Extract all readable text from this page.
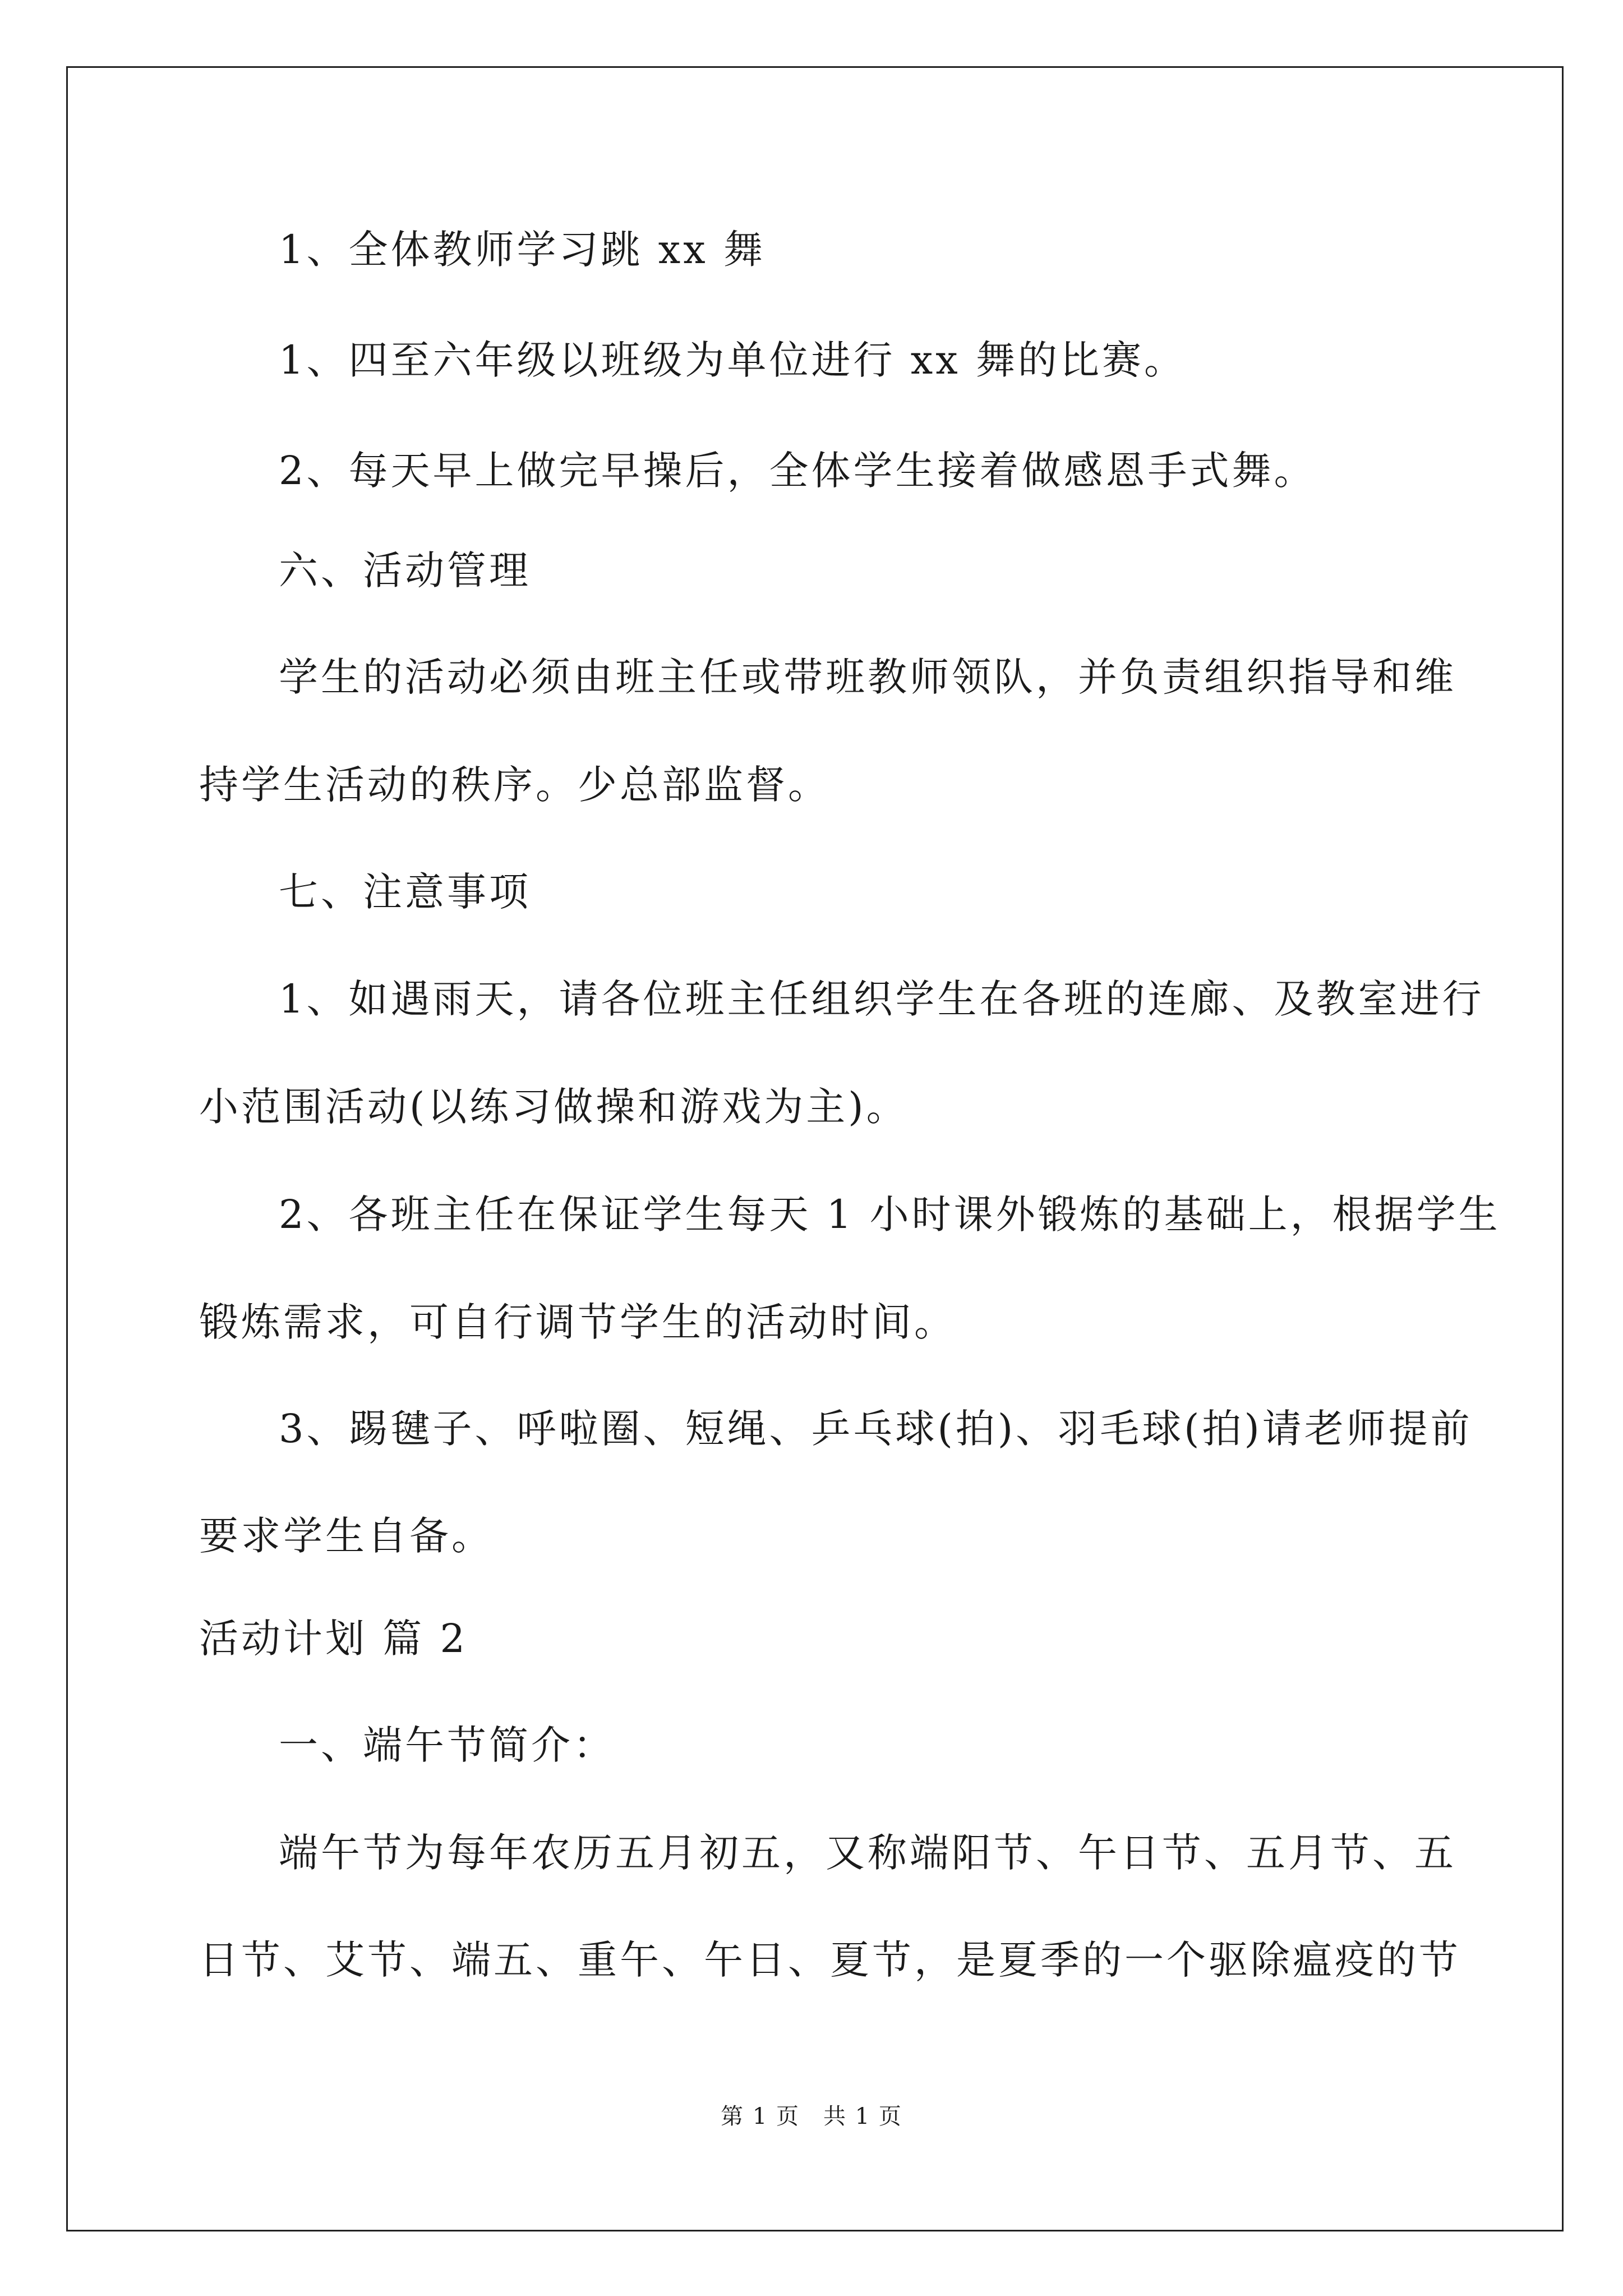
1、全体教师学习跳 xx 舞
1、四至六年级以班级为单位进行 xx 舞的比赛。
2、每天早上做完早操后，全体学生接着做感恩手式舞。
六、活动管理
学生的活动必须由班主任或带班教师领队，并负责组织指导和维
持学生活动的秩序。少总部监督。
七、注意事项
1、如遇雨天，请各位班主任组织学生在各班的连廊、及教室进行
小范围活动(以练习做操和游戏为主)。
2、各班主任在保证学生每天 1 小时课外锻炼的基础上，根据学生
锻炼需求，可自行调节学生的活动时间。
3、踢毽子、呼啦圈、短绳、乒乓球(拍)、羽毛球(拍)请老师提前
要求学生自备。
活动计划 篇 2
一、端午节简介：
端午节为每年农历五月初五，又称端阳节、午日节、五月节、五
日节、艾节、端五、重午、午日、夏节，是夏季的一个驱除瘟疫的节
第 1 页　共 1 页
